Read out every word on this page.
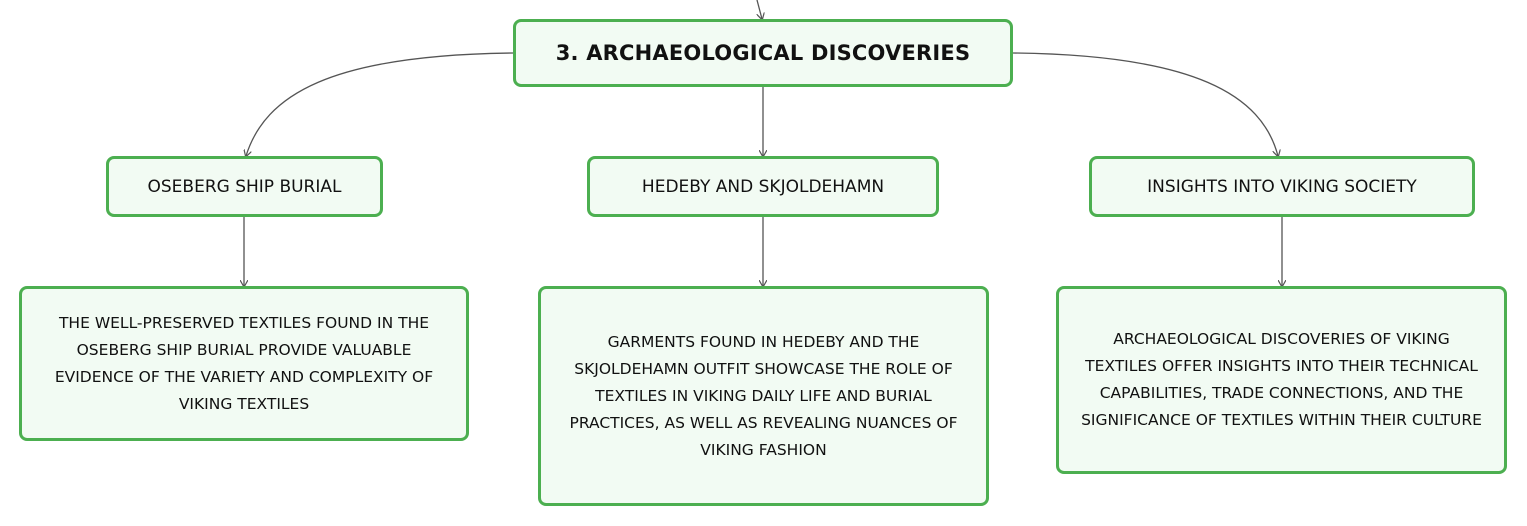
3. ARCHAEOLOGICAL DISCOVERIES
OSEBERG SHIP BURIAL	HEDEBY AND SKJOLDEHAMN	INSIGHTS INTO VIKING SOCIETY
THE WELL-PRESERVED TEXTILES FOUND IN THE OSEBERG SHIP BURIAL PROVIDE VALUABLE EVIDENCE OF THE VARIETY AND COMPLEXITY OF VIKING TEXTILES
GARMENTS FOUND IN HEDEBY AND THE SKJOLDEHAMN OUTFIT SHOWCASE THE ROLE OF TEXTILES IN VIKING DAILY LIFE AND BURIAL PRACTICES, AS WELL AS REVEALING NUANCES OF VIKING FASHION
ARCHAEOLOGICAL DISCOVERIES OF VIKING TEXTILES OFFER INSIGHTS INTO THEIR TECHNICAL CAPABILITIES, TRADE CONNECTIONS, AND THE SIGNIFICANCE OF TEXTILES WITHIN THEIR CULTURE
